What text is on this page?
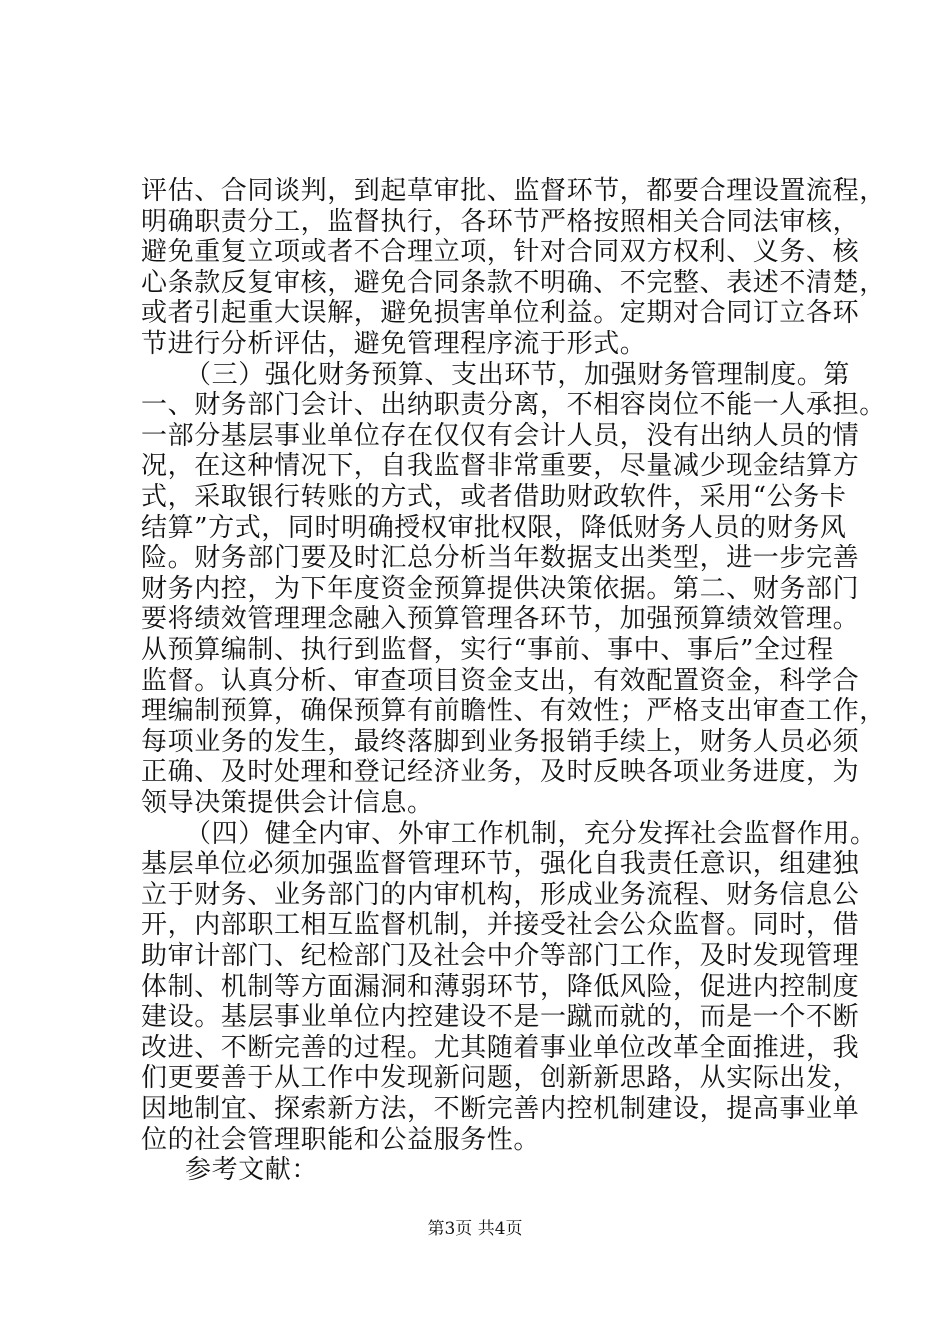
评估、合同谈判，到起草审批、监督环节，都要合理设置流程，
明确职责分工，监督执行，各环节严格按照相关合同法审核，
避免重复立项或者不合理立项，针对合同双方权利、义务、核
心条款反复审核，避免合同条款不明确、不完整、表述不清楚，
或者引起重大误解，避免损害单位利益。定期对合同订立各环
节进行分析评估，避免管理程序流于形式。
（三）强化财务预算、支出环节，加强财务管理制度。第
一、财务部门会计、出纳职责分离，不相容岗位不能一人承担。
一部分基层事业单位存在仅仅有会计人员，没有出纳人员的情
况，在这种情况下，自我监督非常重要，尽量减少现金结算方
式，采取银行转账的方式，或者借助财政软件，采用“公务卡
结算”方式，同时明确授权审批权限，降低财务人员的财务风
险。财务部门要及时汇总分析当年数据支出类型，进一步完善
财务内控，为下年度资金预算提供决策依据。第二、财务部门
要将绩效管理理念融入预算管理各环节，加强预算绩效管理。
从预算编制、执行到监督，实行“事前、事中、事后”全过程
监督。认真分析、审查项目资金支出，有效配置资金，科学合
理编制预算，确保预算有前瞻性、有效性；严格支出审查工作，
每项业务的发生，最终落脚到业务报销手续上，财务人员必须
正确、及时处理和登记经济业务，及时反映各项业务进度，为
领导决策提供会计信息。
（四）健全内审、外审工作机制，充分发挥社会监督作用。
基层单位必须加强监督管理环节，强化自我责任意识，组建独
立于财务、业务部门的内审机构，形成业务流程、财务信息公
开，内部职工相互监督机制，并接受社会公众监督。同时，借
助审计部门、纪检部门及社会中介等部门工作，及时发现管理
体制、机制等方面漏洞和薄弱环节，降低风险，促进内控制度
建设。基层事业单位内控建设不是一蹴而就的，而是一个不断
改进、不断完善的过程。尤其随着事业单位改革全面推进，我
们更要善于从工作中发现新问题，创新新思路，从实际出发，
因地制宜、探索新方法，不断完善内控机制建设，提高事业单
位的社会管理职能和公益服务性。
参考文献：
第3页 共4页
